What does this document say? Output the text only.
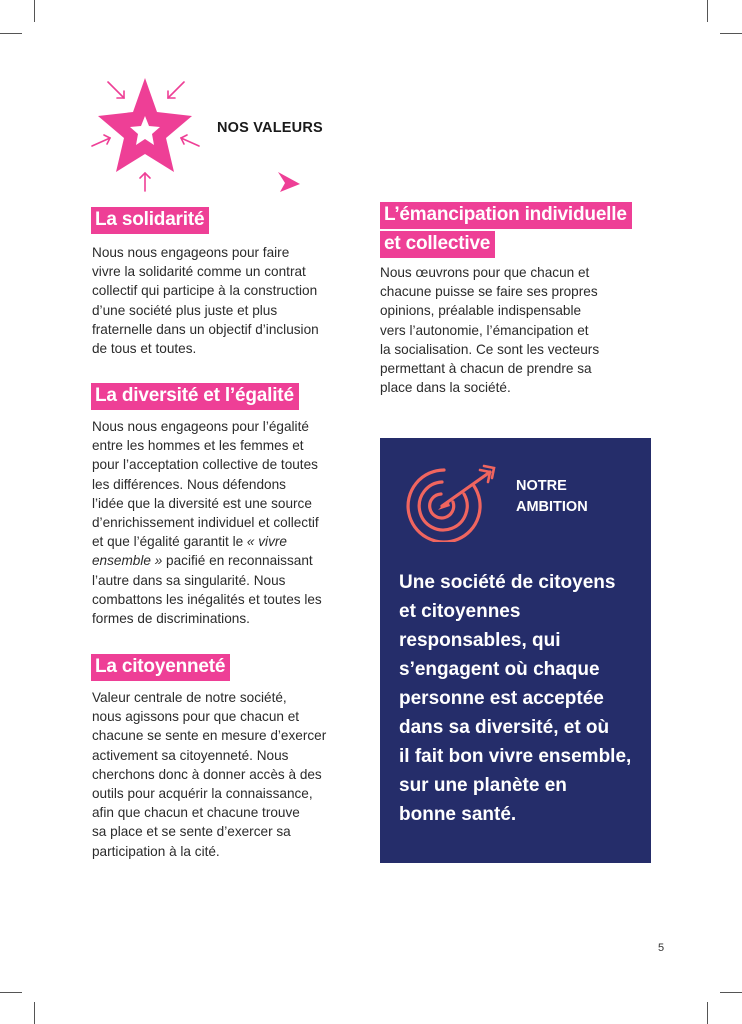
NOS VALEURS
La solidarité
Nous nous engageons pour faire
vivre la solidarité comme un contrat
collectif qui participe à la construction
d’une société plus juste et plus
fraternelle dans un objectif d’inclusion
de tous et toutes.
La diversité et l’égalité
Nous nous engageons pour l’égalité
entre les hommes et les femmes et
pour l’acceptation collective de toutes
les différences. Nous défendons
l’idée que la diversité est une source
d’enrichissement individuel et collectif
et que l’égalité garantit le « vivre
ensemble » pacifié en reconnaissant
l’autre dans sa singularité. Nous
combattons les inégalités et toutes les
formes de discriminations.
La citoyenneté
Valeur centrale de notre société,
nous agissons pour que chacun et
chacune se sente en mesure d’exercer
activement sa citoyenneté. Nous
cherchons donc à donner accès à des
outils pour acquérir la connaissance,
afin que chacun et chacune trouve
sa place et se sente d’exercer sa
participation à la cité.
L’émancipation individuelle
et collective
Nous œuvrons pour que chacun et
chacune puisse se faire ses propres
opinions, préalable indispensable
vers l’autonomie, l’émancipation et
la socialisation. Ce sont les vecteurs
permettant à chacun de prendre sa
place dans la société.
NOTRE
AMBITION
Une société de citoyens
et citoyennes
responsables, qui
s’engagent où chaque
personne est acceptée
dans sa diversité, et où
il fait bon vivre ensemble,
sur une planète en
bonne santé.
5
